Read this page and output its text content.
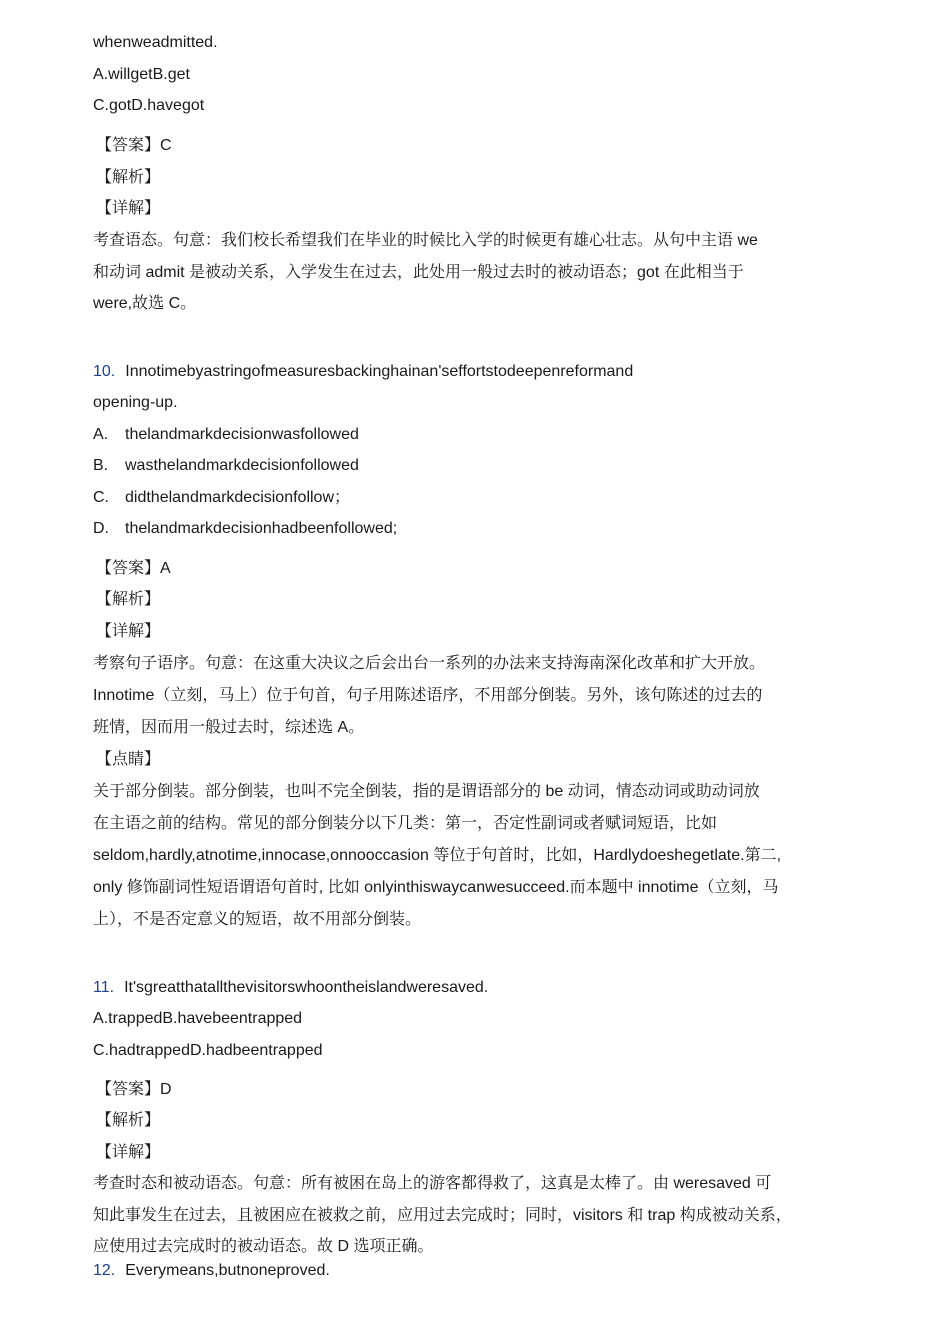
whenweadmitted.
A.willgetB.get
C.gotD.havegot
【答案】C
【解析】
【详解】
考查语态。句意：我们校长希望我们在毕业的时候比入学的时候更有雄心壮志。从句中主语 we
和动词 admit 是被动关系，入学发生在过去，此处用一般过去时的被动语态；got 在此相当于
were,故选 C。
10. Innotimebyastringofmeasuresbackinghainan'seffortstodeepenreformand
opening-up.
A. thelandmarkdecisionwasfollowed
B. wasthelandmarkdecisionfollowed
C. didthelandmarkdecisionfollow；
D. thelandmarkdecisionhadbeenfollowed;
【答案】A
【解析】
【详解】
考察句子语序。句意：在这重大决议之后会出台一系列的办法来支持海南深化改革和扩大开放。
Innotime（立刻，马上）位于句首，句子用陈述语序，不用部分倒装。另外，该句陈述的过去的
班情，因而用一般过去时，综述选 A。
【点睛】
关于部分倒装。部分倒装，也叫不完全倒装，指的是谓语部分的 be 动词，情态动词或助动词放
在主语之前的结构。常见的部分倒装分以下几类：第一，否定性副词或者赋词短语，比如
seldom,hardly,atnotime,innocase,onnooccasion 等位于句首时，比如，Hardlydoeshegetlate.第二,
only 修饰副词性短语谓语句首时, 比如 onlyinthiswaycanwesucceed.而本题中 innotime（立刻，马
上），不是否定意义的短语，故不用部分倒装。
11. It'sgreatthatallthevisitorswhoontheislandweresaved.
A.trappedB.havebeentrapped
C.hadtrappedD.hadbeentrapped
【答案】D
【解析】
【详解】
考查时态和被动语态。句意：所有被困在岛上的游客都得救了，这真是太棒了。由 weresaved 可
知此事发生在过去，且被困应在被救之前，应用过去完成时；同时，visitors 和 trap 构成被动关系，
应使用过去完成时的被动语态。故 D 选项正确。
12. Everymeans,butnoneproved.
